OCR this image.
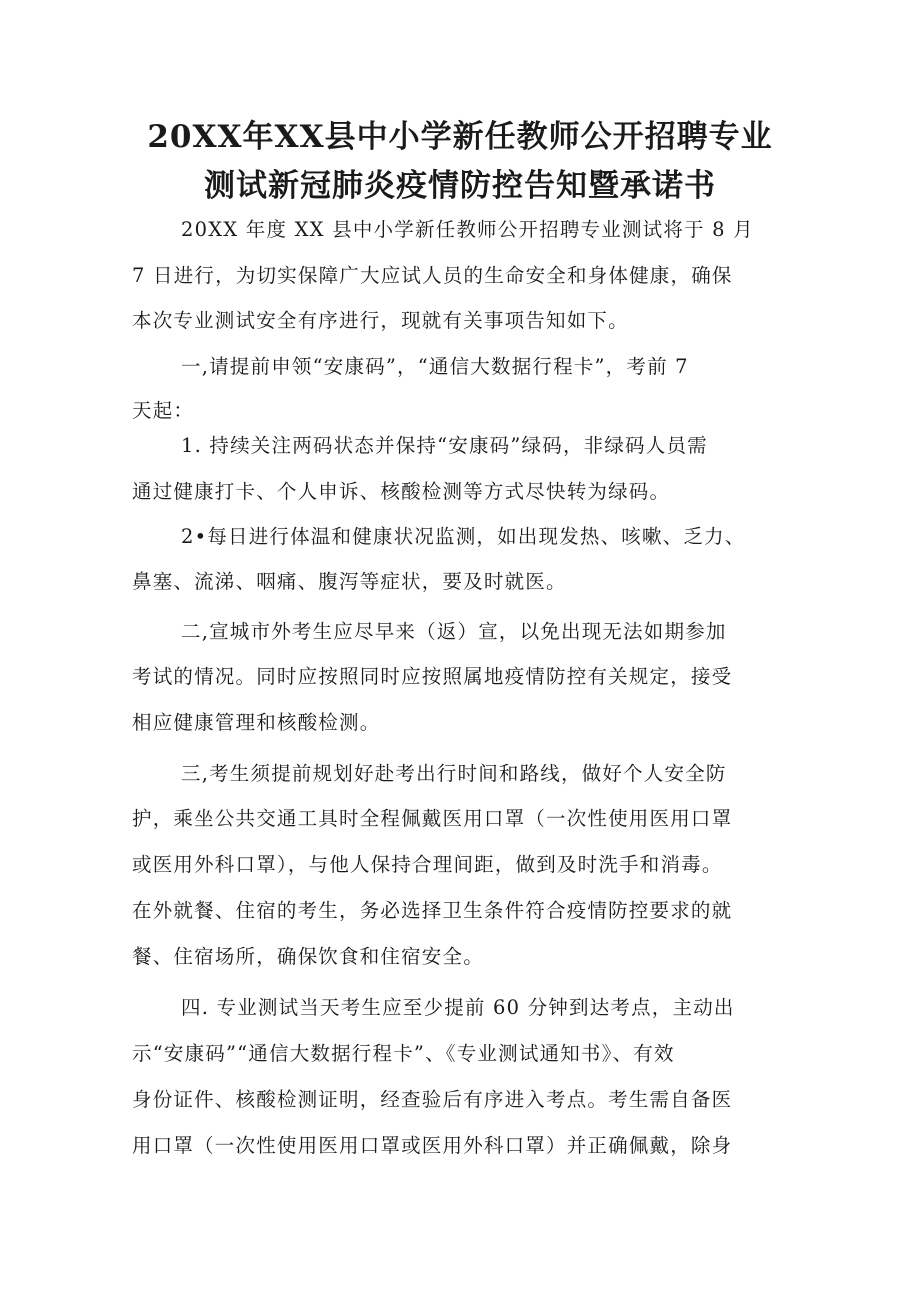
20XX年XX县中小学新任教师公开招聘专业
测试新冠肺炎疫情防控告知暨承诺书

20XX 年度 XX 县中小学新任教师公开招聘专业测试将于 8 月

7 日进行，为切实保障广大应试人员的生命安全和身体健康，确保

本次专业测试安全有序进行，现就有关事项告知如下。

一,请提前申领“安康码”，“通信大数据行程卡”，考前 7

天起：

1. 持续关注两码状态并保持“安康码”绿码，非绿码人员需

通过健康打卡、个人申诉、核酸检测等方式尽快转为绿码。

2•每日进行体温和健康状况监测，如出现发热、咳嗽、乏力、

鼻塞、流涕、咽痛、腹泻等症状，要及时就医。

二,宣城市外考生应尽早来（返）宣，以免出现无法如期参加

考试的情况。同时应按照同时应按照属地疫情防控有关规定，接受

相应健康管理和核酸检测。

三,考生须提前规划好赴考出行时间和路线，做好个人安全防

护，乘坐公共交通工具时全程佩戴医用口罩（一次性使用医用口罩

或医用外科口罩），与他人保持合理间距，做到及时洗手和消毒。

在外就餐、住宿的考生，务必选择卫生条件符合疫情防控要求的就

餐、住宿场所，确保饮食和住宿安全。

四. 专业测试当天考生应至少提前 60 分钟到达考点，主动出

示“安康码”“通信大数据行程卡”、《专业测试通知书》、有效

身份证件、核酸检测证明，经查验后有序进入考点。考生需自备医

用口罩（一次性使用医用口罩或医用外科口罩）并正确佩戴，除身
